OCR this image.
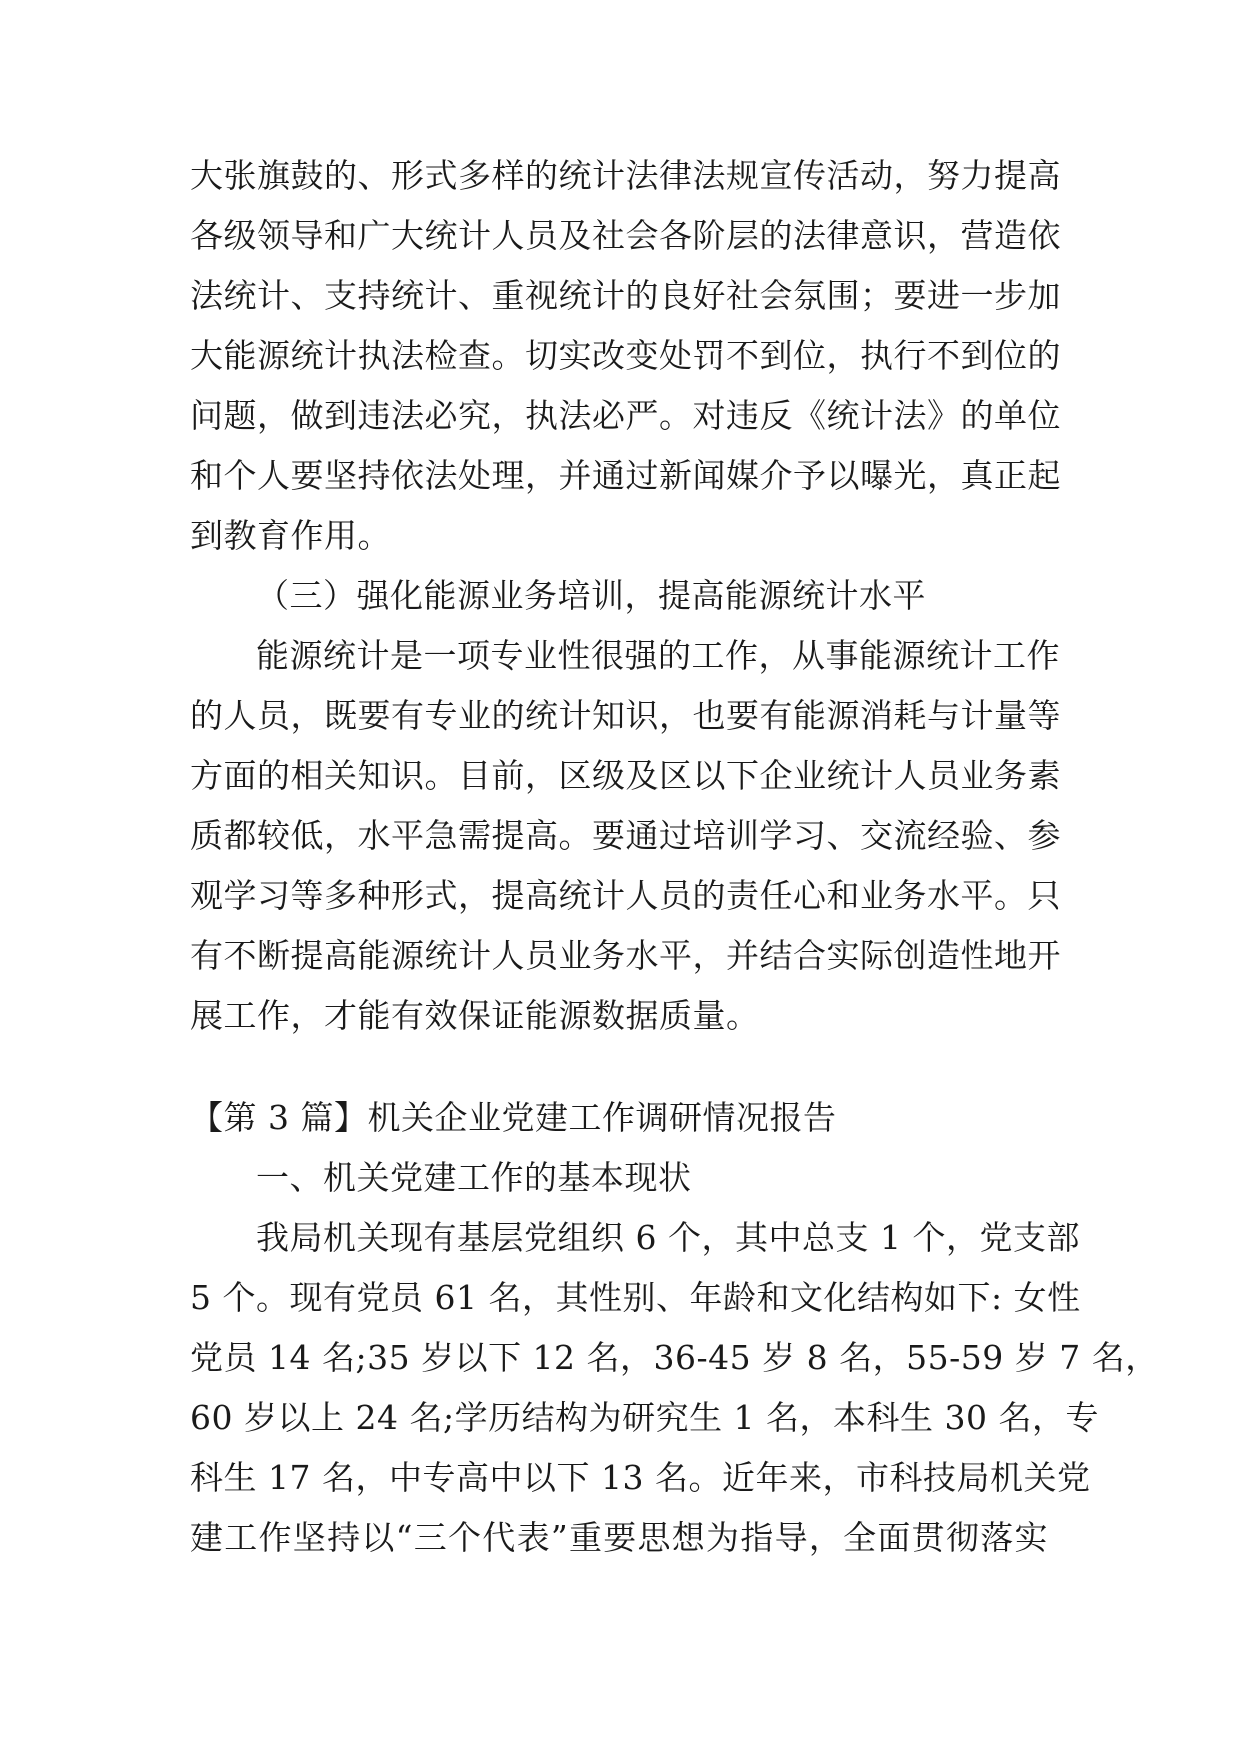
大张旗鼓的、形式多样的统计法律法规宣传活动，努力提高
各级领导和广大统计人员及社会各阶层的法律意识，营造依
法统计、支持统计、重视统计的良好社会氛围；要进一步加
大能源统计执法检查。切实改变处罚不到位，执行不到位的
问题，做到违法必究，执法必严。对违反《统计法》的单位
和个人要坚持依法处理，并通过新闻媒介予以曝光，真正起
到教育作用。
（三）强化能源业务培训，提高能源统计水平
能源统计是一项专业性很强的工作，从事能源统计工作
的人员，既要有专业的统计知识，也要有能源消耗与计量等
方面的相关知识。目前，区级及区以下企业统计人员业务素
质都较低，水平急需提高。要通过培训学习、交流经验、参
观学习等多种形式，提高统计人员的责任心和业务水平。只
有不断提高能源统计人员业务水平，并结合实际创造性地开
展工作，才能有效保证能源数据质量。
【第 3 篇】机关企业党建工作调研情况报告
一、机关党建工作的基本现状
我局机关现有基层党组织 6 个，其中总支 1 个，党支部
5 个。现有党员 61 名，其性别、年龄和文化结构如下: 女性
党员 14 名;35 岁以下 12 名，36-45 岁 8 名，55-59 岁 7 名，
60 岁以上 24 名;学历结构为研究生 1 名，本科生 30 名，专
科生 17 名，中专高中以下 13 名。近年来，市科技局机关党
建工作坚持以“三个代表”重要思想为指导，全面贯彻落实
